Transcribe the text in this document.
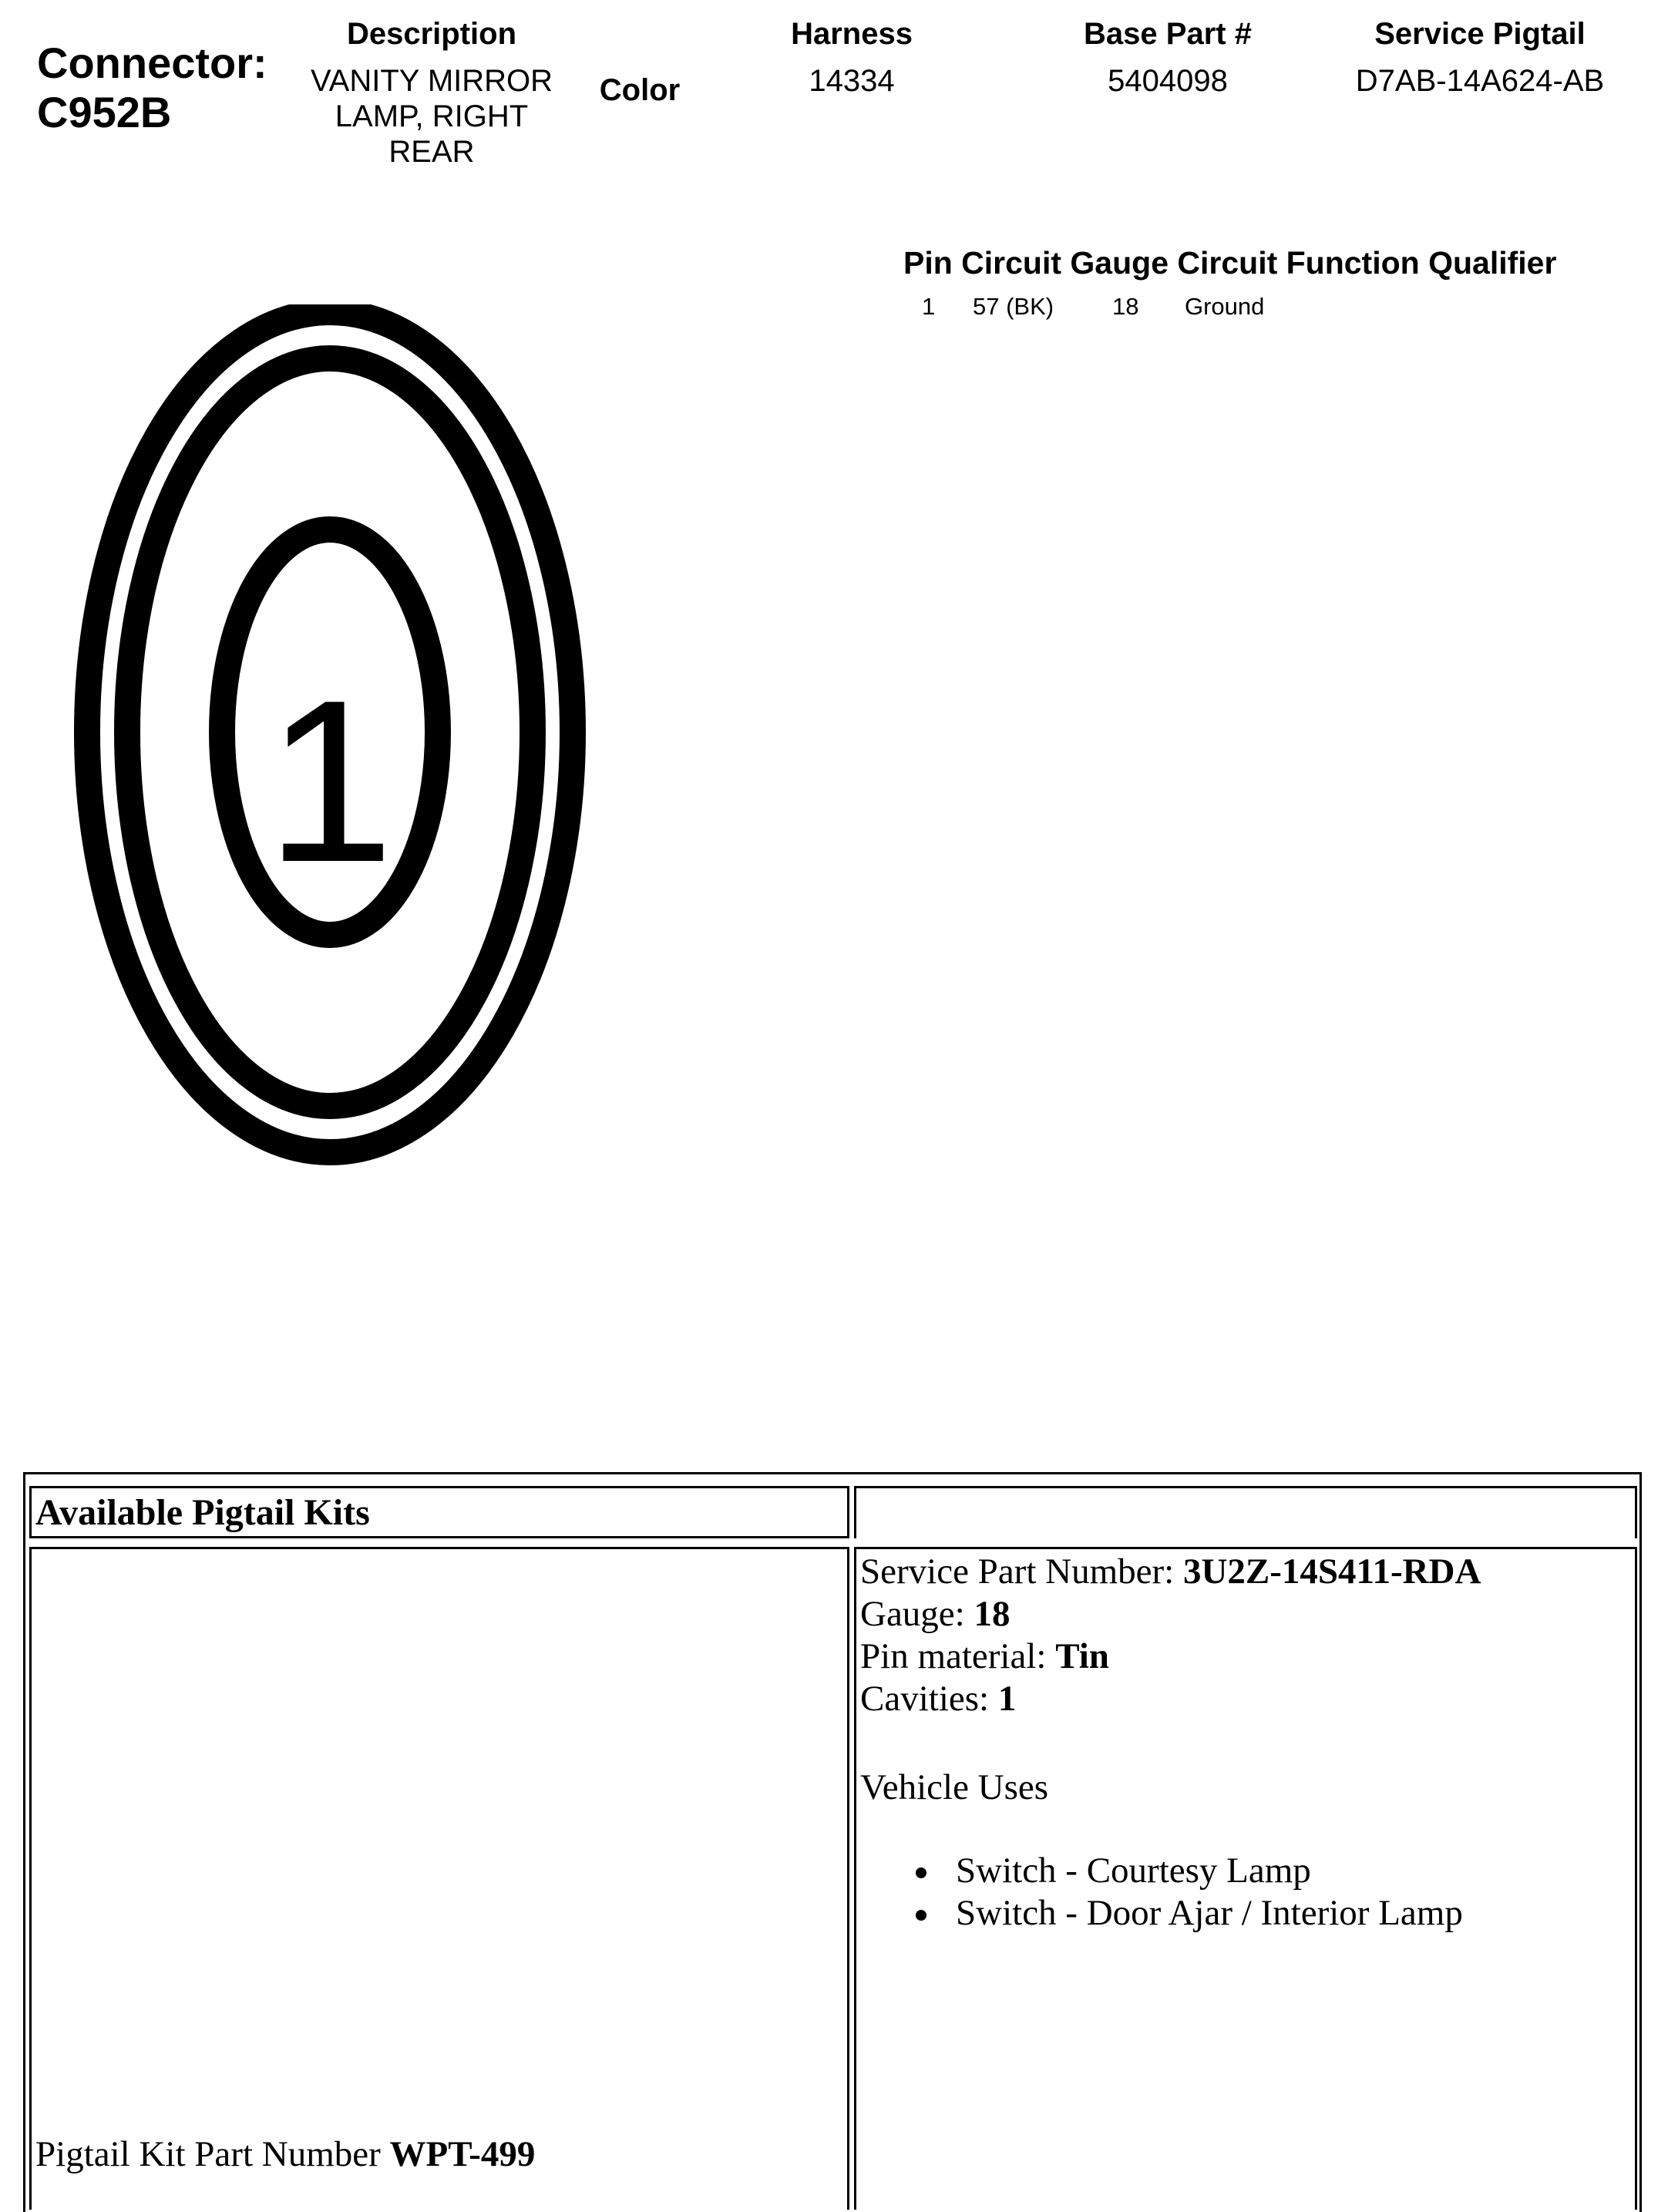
Connector:
C952B
Description
VANITY MIRROR
LAMP, RIGHT
REAR
Color
Harness
14334
Base Part #
5404098
Service Pigtail
D7AB-14A624-AB
Pin Circuit Gauge Circuit Function Qualifier
1 57 (BK) 18 Ground
1
Available Pigtail Kits
Service Part Number: 3U2Z-14S411-RDA
Gauge: 18
Pin material: Tin
Cavities: 1
Vehicle Uses
Switch - Courtesy Lamp
Switch - Door Ajar / Interior Lamp
Pigtail Kit Part Number WPT-499
